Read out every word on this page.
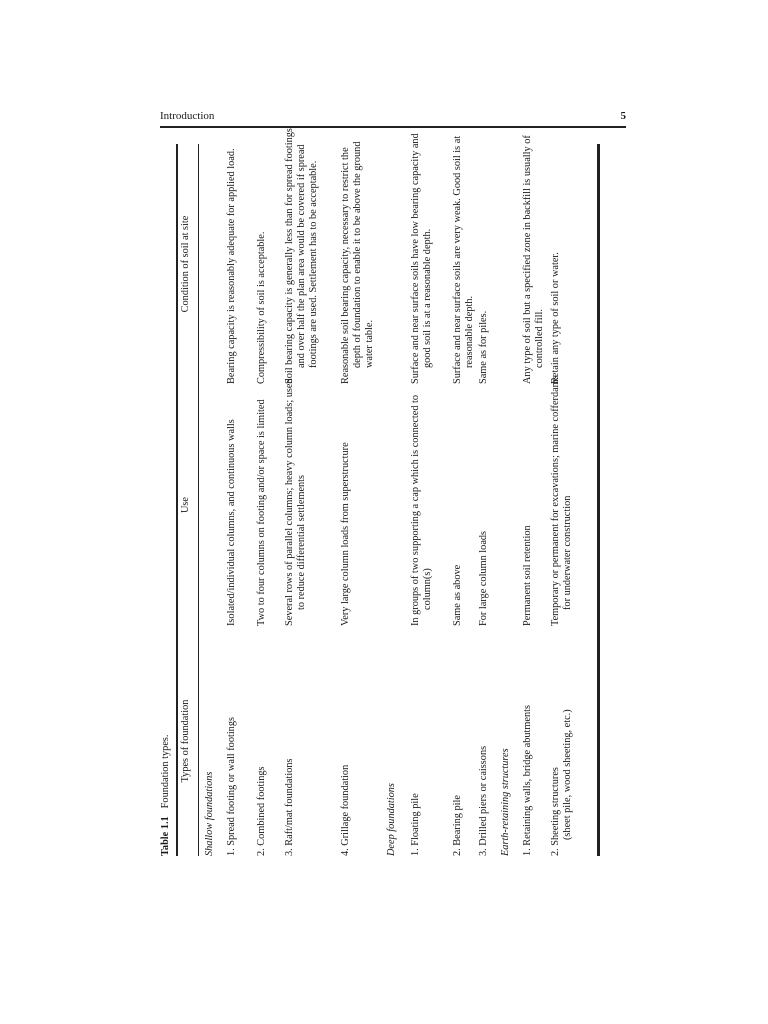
Introduction	5
Table 1.1Foundation types. Types of foundation
Use
Condition of soil at site
Shallow foundations 1. Spread footing or wall footings
Isolated/individual columns, and continuous walls
Bearing capacity is reasonably adequate for applied load.
2. Combined footings
Two to four columns on footing and/or space is limited
Compressibility of soil is acceptable.
3. Raft/mat foundations
Several rows of parallel columns; heavy column loads; used to reduce differential settlements
Soil bearing capacity is generally less than for spread footings and over half the plan area would be covered if spread footings are used. Settlement has to be acceptable.
4. Grillage foundation
Very large column loads from superstructure
Reasonable soil bearing capacity, necessary to restrict the depth of foundation to enable it to be above the ground water table.
Deep foundations 1. Floating pile
In groups of two supporting a cap which is connected to column(s)
Surface and near surface soils have low bearing capacity and good soil is at a reasonable depth.
2. Bearing pile
Same as above
Surface and near surface soils are very weak. Good soil is at reasonable depth.
3. Drilled piers or caissons
For large column loads
Same as for piles.
Earth-retaining structures 1. Retaining walls, bridge abutments
Permanent soil retention
Any type of soil but a specified zone in backfill is usually of controlled fill.
2. Sheeting structures (sheet pile, wood sheeting, etc.)
Temporary or permanent for excavations; marine cofferdams for underwater construction
Retain any type of soil or water.
